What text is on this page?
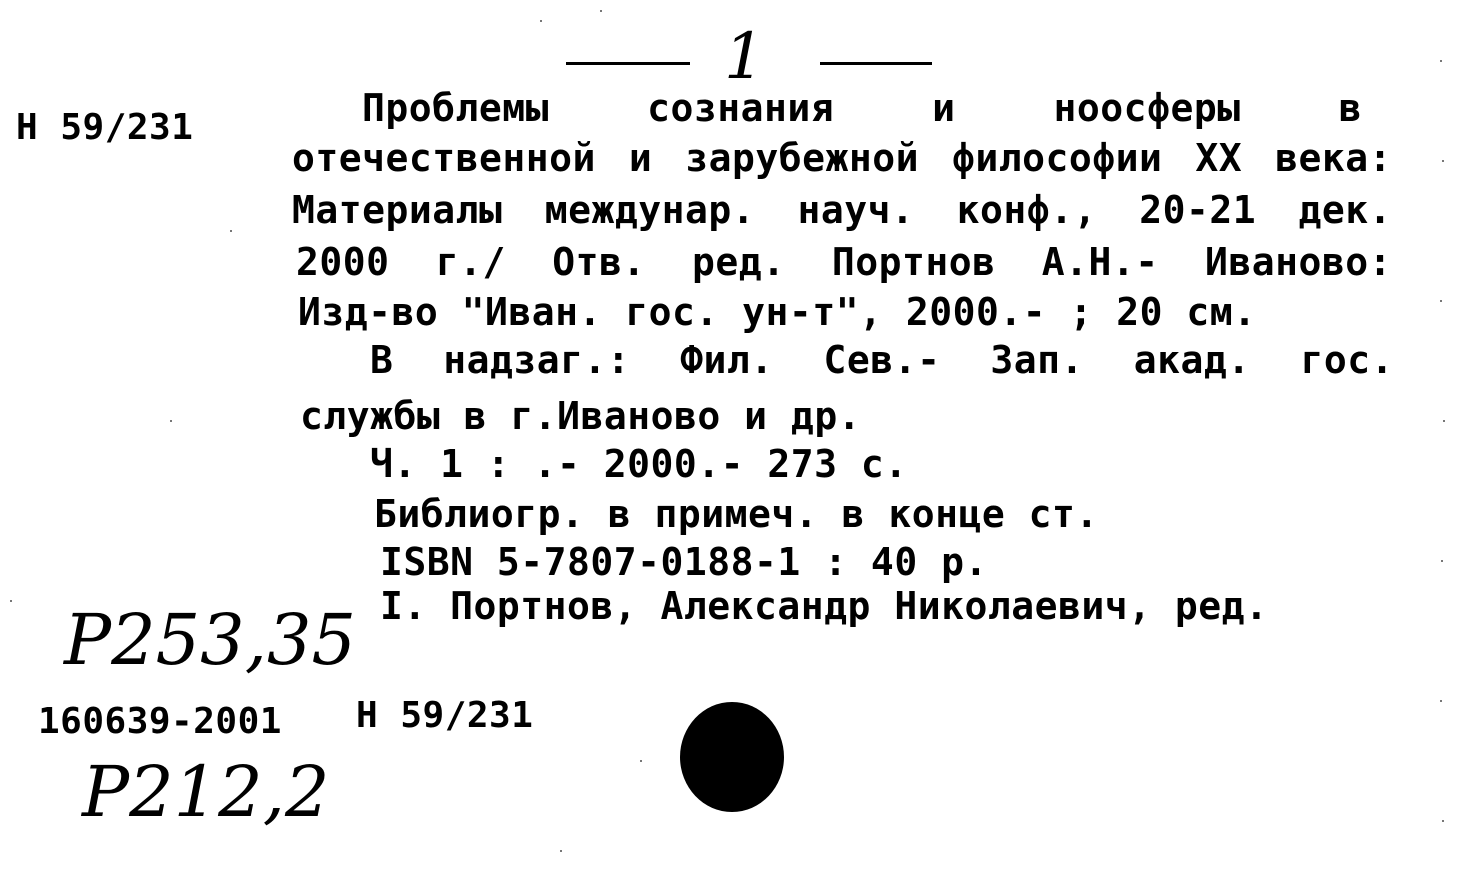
1
Н 59/231	Проблемы сознания и ноосферы в
отечественной и зарубежной философии XX века:
Материалы междунар. науч. конф., 20-21 дек.
2000 г./ Отв. ред. Портнов А.Н.- Иваново:
Изд-во "Иван. гос. ун-т", 2000.- ; 20 см.
В надзаг.: Фил. Сев.- Зап. акад. гос.
службы в г.Иваново и др.
Ч. 1 : .- 2000.- 273 с.
Библиогр. в примеч. в конце ст.
ISBN 5-7807-0188-1 : 40 р.
I. Портнов, Александр Николаевич, ред.
Р253,35
160639-2001 Н 59/231
Р212,2
